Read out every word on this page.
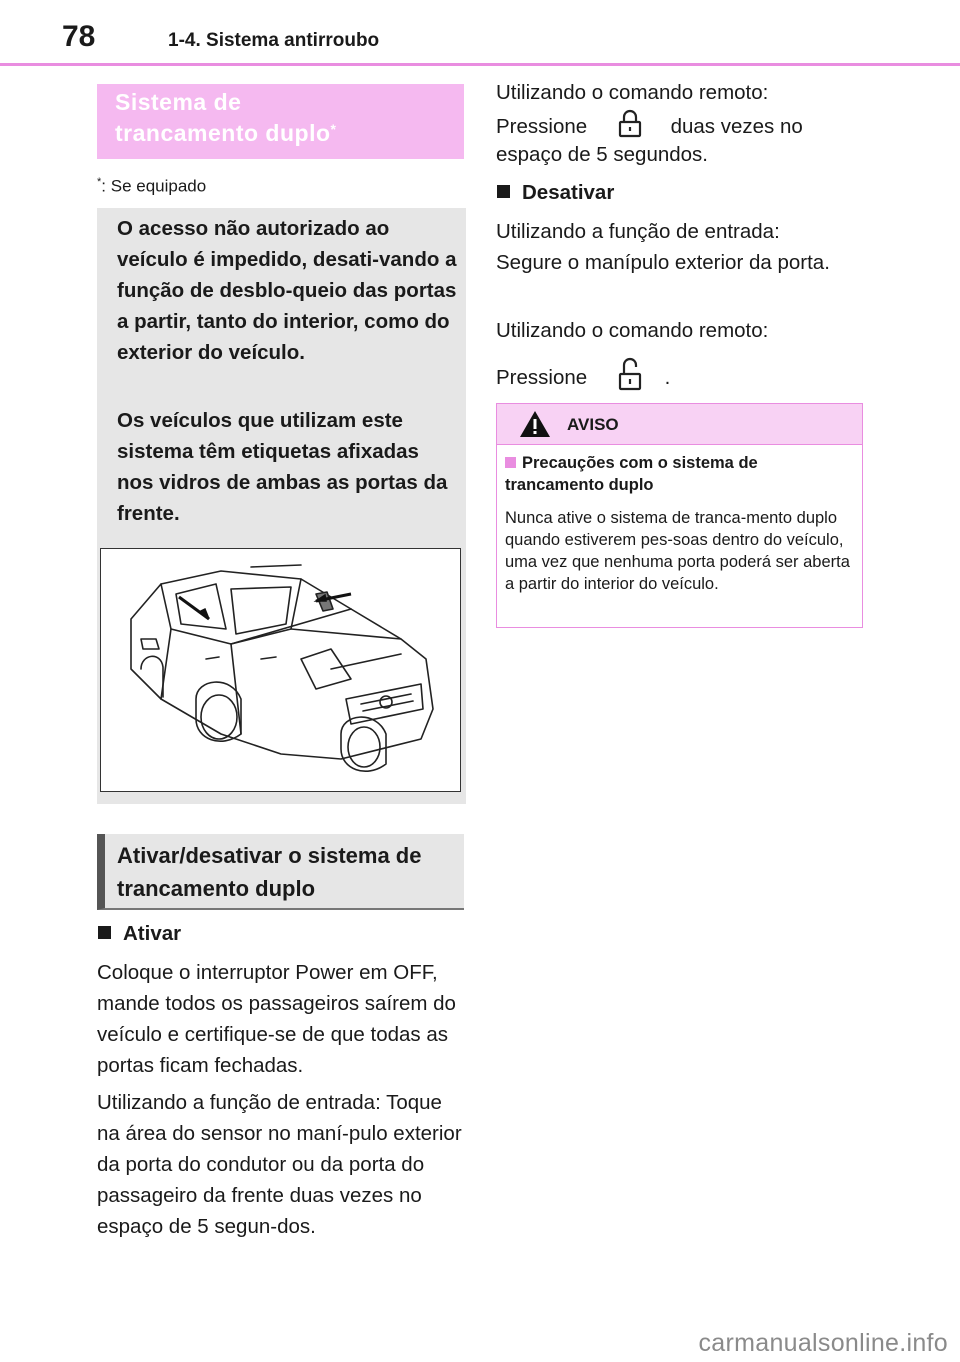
78	1-4. Sistema antirroubo
Sistema de
trancamento duplo*
*: Se equipado
O acesso não autorizado ao veículo é impedido, desati-vando a função de desblo-queio das portas a partir, tanto do interior, como do exterior do veículo.
Os veículos que utilizam este sistema têm etiquetas afixadas nos vidros de ambas as portas da frente.
Ativar/desativar o sistema de trancamento duplo
Ativar
Coloque o interruptor Power em OFF, mande todos os passageiros saírem do veículo e certifique-se de que todas as portas ficam fechadas.
Utilizando a função de entrada: Toque na área do sensor no maní-pulo exterior da porta do condutor ou da porta do passageiro da frente duas vezes no espaço de 5 segun-dos.
Utilizando o comando remoto:
Pressione	duas vezes no
espaço de 5 segundos.
Desativar
Utilizando a função de entrada: Segure o manípulo exterior da porta.
Utilizando o comando remoto:
Pressione	.
AVISO
Precauções com o sistema de trancamento duplo
Nunca ative o sistema de tranca-mento duplo quando estiverem pes-soas dentro do veículo, uma vez que nenhuma porta poderá ser aberta a partir do interior do veículo.
carmanualsonline.info
